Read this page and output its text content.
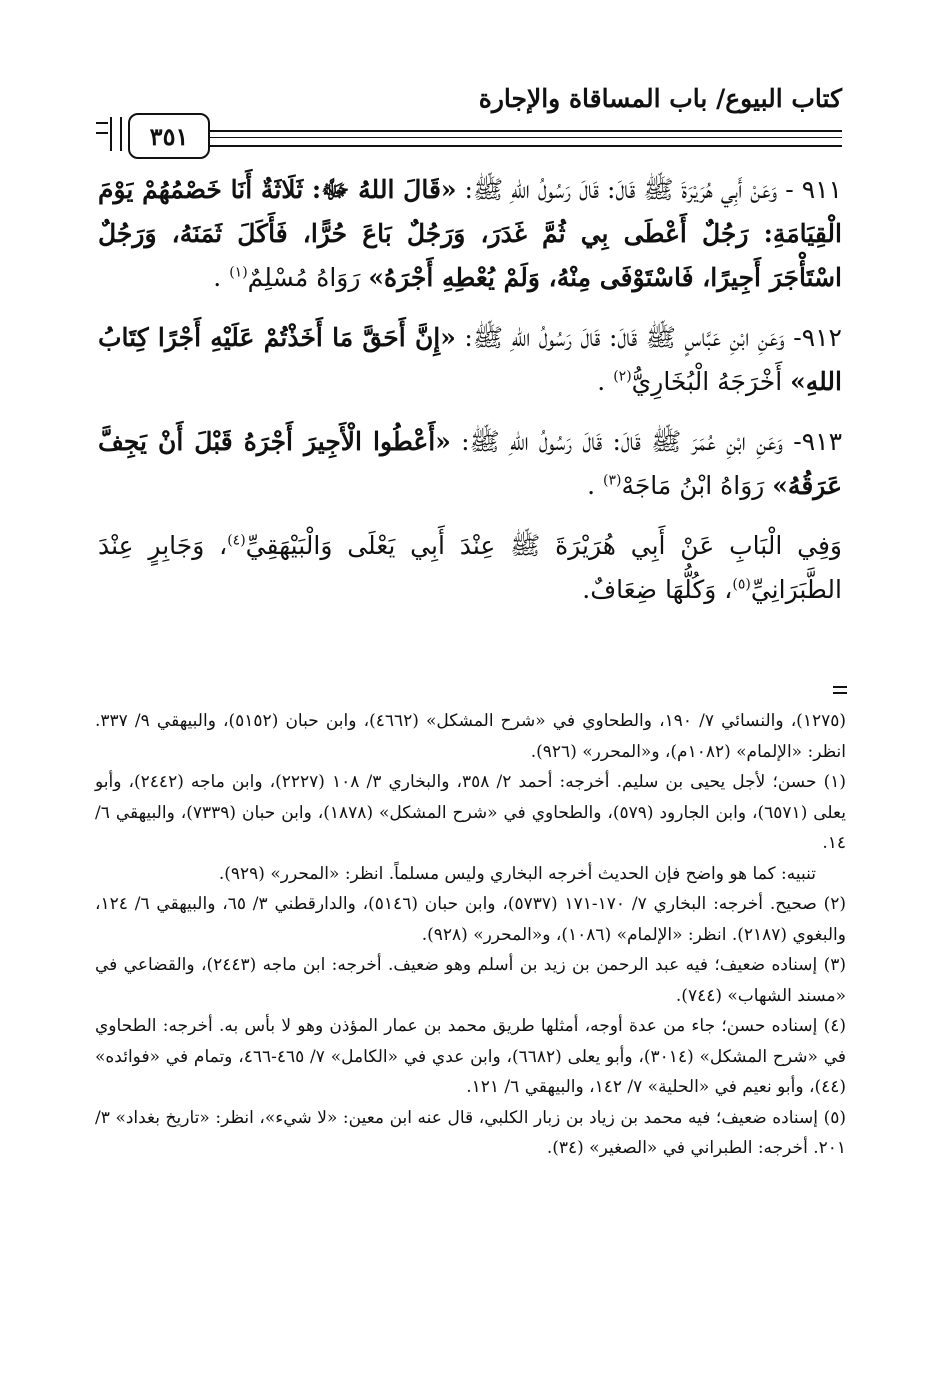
كتاب البيوع/ باب المساقاة والإجارة
٣٥١

٩١١ - وَعَنْ أَبِي هُرَيْرَةَ ﷺ قَالَ: قَالَ رَسُولُ اللهِ ﷺ: «قَالَ اللهُ ﷻ: ثَلَاثَةٌ أَنَا خَصْمُهُمْ يَوْمَ الْقِيَامَةِ: رَجُلٌ أَعْطَى بِي ثُمَّ غَدَرَ، وَرَجُلٌ بَاعَ حُرًّا، فَأَكَلَ ثَمَنَهُ، وَرَجُلٌ اسْتَأْجَرَ أَجِيرًا، فَاسْتَوْفَى مِنْهُ، وَلَمْ يُعْطِهِ أَجْرَهُ» رَوَاهُ مُسْلِمٌ$^{(١)}$ .

٩١٢- وَعَنِ ابْنِ عَبَّاسٍ ﷺ قَالَ: قَالَ رَسُولُ اللهِ ﷺ: «إِنَّ أَحَقَّ مَا أَخَذْتُمْ عَلَيْهِ أَجْرًا كِتَابُ اللهِ» أَخْرَجَهُ الْبُخَارِيُّ$^{(٢)}$ .

٩١٣- وَعَنِ ابْنِ عُمَرَ ﷺ قَالَ: قَالَ رَسُولُ اللهِ ﷺ: «أَعْطُوا الْأَجِيرَ أَجْرَهُ قَبْلَ أَنْ يَجِفَّ عَرَقُهُ» رَوَاهُ ابْنُ مَاجَهْ$^{(٣)}$ .

وَفِي الْبَابِ عَنْ أَبِي هُرَيْرَةَ ﷺ عِنْدَ أَبِي يَعْلَى وَالْبَيْهَقِيِّ$^{(٤)}$، وَجَابِرٍ عِنْدَ الطَّبَرَانِيِّ$^{(٥)}$، وَكُلُّهَا ضِعَافٌ.

(١٢٧٥)، والنسائي ٧/ ١٩٠، والطحاوي في «شرح المشكل» (٤٦٦٢)، وابن حبان (٥١٥٢)، والبيهقي ٩/ ٣٣٧. انظر: «الإلمام» (١٠٨٢م)، و«المحرر» (٩٢٦).

(١) حسن؛ لأجل يحيى بن سليم. أخرجه: أحمد ٢/ ٣٥٨، والبخاري ٣/ ١٠٨ (٢٢٢٧)، وابن ماجه (٢٤٤٢)، وأبو يعلى (٦٥٧١)، وابن الجارود (٥٧٩)، والطحاوي في «شرح المشكل» (١٨٧٨)، وابن حبان (٧٣٣٩)، والبيهقي ٦/ ١٤.

تنبيه: كما هو واضح فإن الحديث أخرجه البخاري وليس مسلماً. انظر: «المحرر» (٩٢٩).

(٢) صحيح. أخرجه: البخاري ٧/ ١٧٠-١٧١ (٥٧٣٧)، وابن حبان (٥١٤٦)، والدارقطني ٣/ ٦٥، والبيهقي ٦/ ١٢٤، والبغوي (٢١٨٧). انظر: «الإلمام» (١٠٨٦)، و«المحرر» (٩٢٨).

(٣) إسناده ضعيف؛ فيه عبد الرحمن بن زيد بن أسلم وهو ضعيف. أخرجه: ابن ماجه (٢٤٤٣)، والقضاعي في «مسند الشهاب» (٧٤٤).

(٤) إسناده حسن؛ جاء من عدة أوجه، أمثلها طريق محمد بن عمار المؤذن وهو لا بأس به. أخرجه: الطحاوي في «شرح المشكل» (٣٠١٤)، وأبو يعلى (٦٦٨٢)، وابن عدي في «الكامل» ٧/ ٤٦٥-٤٦٦، وتمام في «فوائده» (٤٤)، وأبو نعيم في «الحلية» ٧/ ١٤٢، والبيهقي ٦/ ١٢١.

(٥) إسناده ضعيف؛ فيه محمد بن زياد بن زبار الكلبي، قال عنه ابن معين: «لا شيء»، انظر: «تاريخ بغداد» ٣/ ٢٠١. أخرجه: الطبراني في «الصغير» (٣٤).
